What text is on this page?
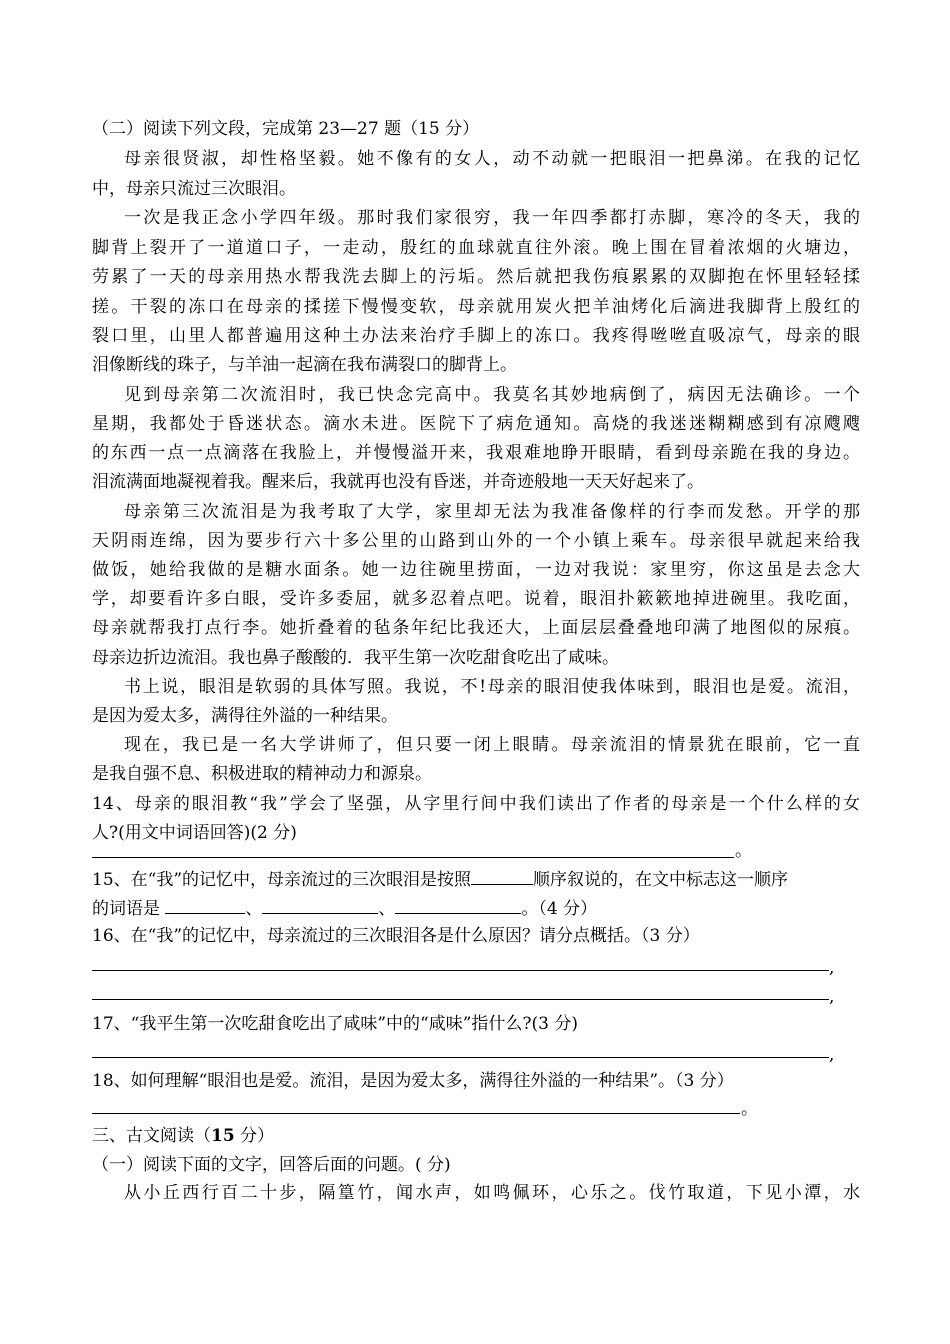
（二）阅读下列文段，完成第 23—27 题（15 分）
母亲很贤淑，却性格坚毅。她不像有的女人，动不动就一把眼泪一把鼻涕。在我的记忆
中，母亲只流过三次眼泪。
一次是我正念小学四年级。那时我们家很穷，我一年四季都打赤脚，寒冷的冬天，我的
脚背上裂开了一道道口子，一走动，殷红的血球就直往外滚。晚上围在冒着浓烟的火塘边，
劳累了一天的母亲用热水帮我洗去脚上的污垢。然后就把我伤痕累累的双脚抱在怀里轻轻揉
搓。干裂的冻口在母亲的揉搓下慢慢变软，母亲就用炭火把羊油烤化后滴进我脚背上殷红的
裂口里，山里人都普遍用这种土办法来治疗手脚上的冻口。我疼得咝咝直吸凉气，母亲的眼
泪像断线的珠子，与羊油一起滴在我布满裂口的脚背上。
见到母亲第二次流泪时，我已快念完高中。我莫名其妙地病倒了，病因无法确诊。一个
星期，我都处于昏迷状态。滴水未进。医院下了病危通知。高烧的我迷迷糊糊感到有凉飕飕
的东西一点一点滴落在我脸上，并慢慢溢开来，我艰难地睁开眼睛，看到母亲跪在我的身边。
泪流满面地凝视着我。醒来后，我就再也没有昏迷，并奇迹般地一天天好起来了。
母亲第三次流泪是为我考取了大学，家里却无法为我准备像样的行李而发愁。开学的那
天阴雨连绵，因为要步行六十多公里的山路到山外的一个小镇上乘车。母亲很早就起来给我
做饭，她给我做的是糖水面条。她一边往碗里捞面，一边对我说：家里穷，你这虽是去念大
学，却要看许多白眼，受许多委屈，就多忍着点吧。说着，眼泪扑簌簌地掉进碗里。我吃面，
母亲就帮我打点行李。她折叠着的毡条年纪比我还大，上面层层叠叠地印满了地图似的尿痕。
母亲边折边流泪。我也鼻子酸酸的．我平生第一次吃甜食吃出了咸味。
书上说，眼泪是软弱的具体写照。我说，不!母亲的眼泪使我体味到，眼泪也是爱。流泪，
是因为爱太多，满得往外溢的一种结果。
现在，我已是一名大学讲师了，但只要一闭上眼睛。母亲流泪的情景犹在眼前，它一直
是我自强不息、积极进取的精神动力和源泉。
14、母亲的眼泪教“我”学会了坚强，从字里行间中我们读出了作者的母亲是一个什么样的女
人?(用文中词语回答)(2 分)
。
15、在“我”的记忆中，母亲流过的三次眼泪是按照	顺序叙说的，在文中标志这一顺序
的词语是	、	、	。（4 分）
16、在“我”的记忆中，母亲流过的三次眼泪各是什么原因？请分点概括。（3 分）
,
,
17、“我平生第一次吃甜食吃出了咸味”中的“咸味”指什么?(3 分)
,
18、如何理解“眼泪也是爱。流泪，是因为爱太多，满得往外溢的一种结果”。（3 分）
。
三、古文阅读（15 分）
（一）阅读下面的文字，回答后面的问题。( 分)
从小丘西行百二十步，隔篁竹，闻水声，如鸣佩环，心乐之。伐竹取道，下见小潭，水
